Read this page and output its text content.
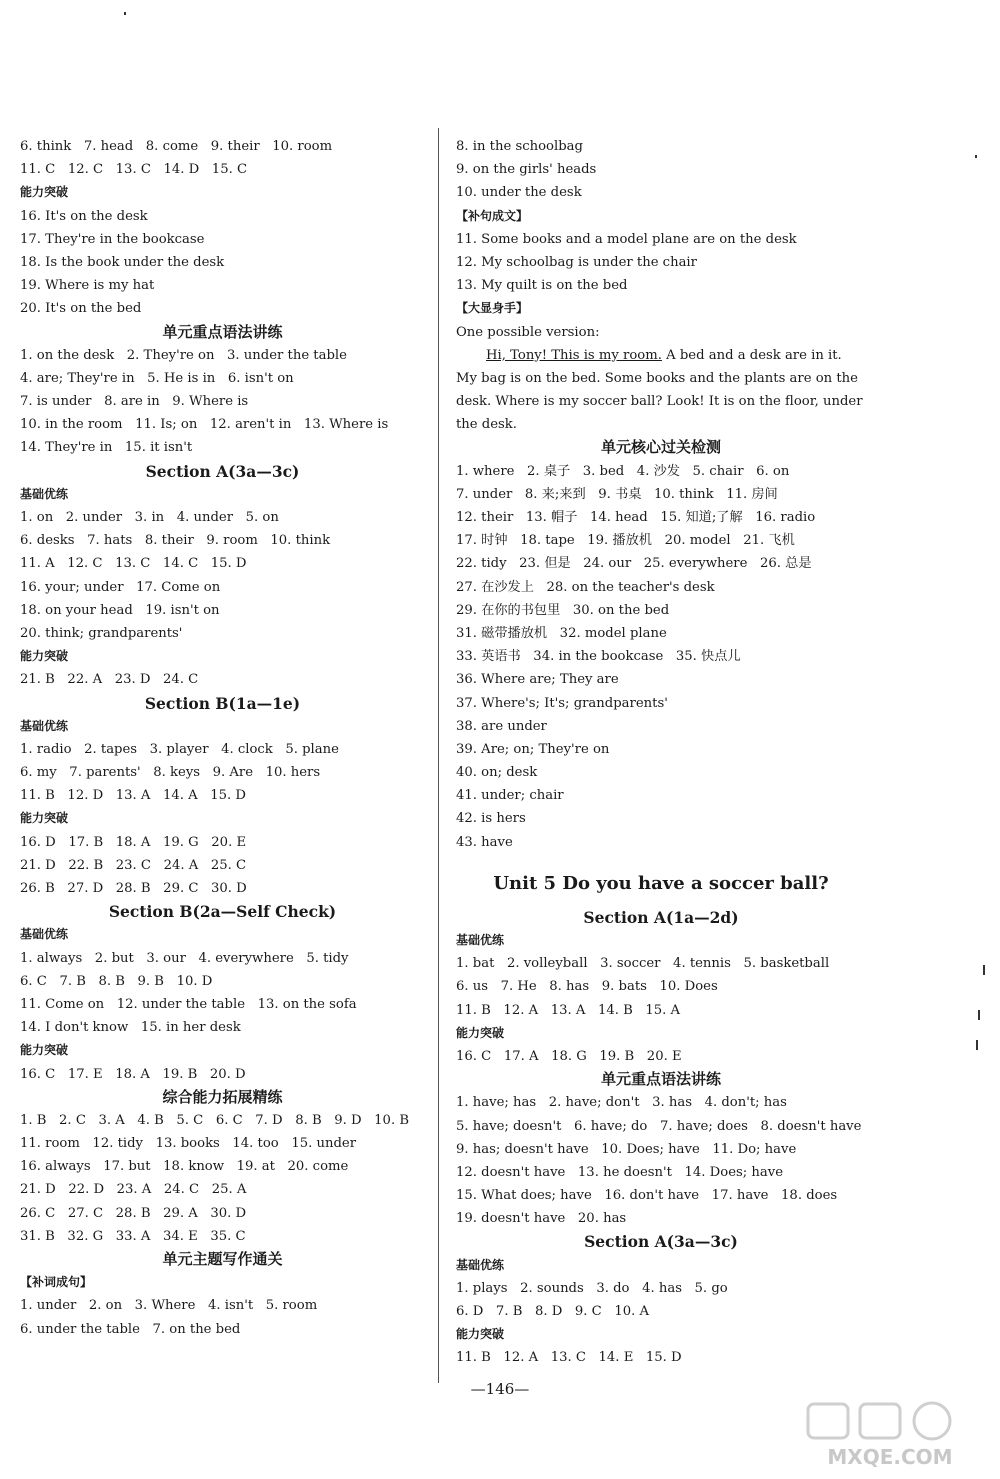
6. think   7. head   8. come   9. their   10. room
11. C   12. C   13. C   14. D   15. C
能力突破
16. It's on the desk
17. They're in the bookcase
18. Is the book under the desk
19. Where is my hat
20. It's on the bed
单元重点语法讲练
1. on the desk   2. They're on   3. under the table
4. are; They're in   5. He is in   6. isn't on
7. is under   8. are in   9. Where is
10. in the room   11. Is; on   12. aren't in   13. Where is
14. They're in   15. it isn't
Section A(3a—3c)
基础优练
1. on   2. under   3. in   4. under   5. on
6. desks   7. hats   8. their   9. room   10. think
11. A   12. C   13. C   14. C   15. D
16. your; under   17. Come on
18. on your head   19. isn't on
20. think; grandparents'
能力突破
21. B   22. A   23. D   24. C
Section B(1a—1e)
基础优练
1. radio   2. tapes   3. player   4. clock   5. plane
6. my   7. parents'   8. keys   9. Are   10. hers
11. B   12. D   13. A   14. A   15. D
能力突破
16. D   17. B   18. A   19. G   20. E
21. D   22. B   23. C   24. A   25. C
26. B   27. D   28. B   29. C   30. D
Section B(2a—Self Check)
基础优练
1. always   2. but   3. our   4. everywhere   5. tidy
6. C   7. B   8. B   9. B   10. D
11. Come on   12. under the table   13. on the sofa
14. I don't know   15. in her desk
能力突破
16. C   17. E   18. A   19. B   20. D
综合能力拓展精练
1. B   2. C   3. A   4. B   5. C   6. C   7. D   8. B   9. D   10. B
11. room   12. tidy   13. books   14. too   15. under
16. always   17. but   18. know   19. at   20. come
21. D   22. D   23. A   24. C   25. A
26. C   27. C   28. B   29. A   30. D
31. B   32. G   33. A   34. E   35. C
单元主题写作通关
【补词成句】
1. under   2. on   3. Where   4. isn't   5. room
6. under the table   7. on the bed
8. in the schoolbag
9. on the girls' heads
10. under the desk
【补句成文】
11. Some books and a model plane are on the desk
12. My schoolbag is under the chair
13. My quilt is on the bed
【大显身手】
One possible version:
Hi, Tony! This is my room. A bed and a desk are in it.
My bag is on the bed. Some books and the plants are on the
desk. Where is my soccer ball? Look! It is on the floor, under
the desk.
单元核心过关检测
1. where   2. 桌子   3. bed   4. 沙发   5. chair   6. on
7. under   8. 来;来到   9. 书桌   10. think   11. 房间
12. their   13. 帽子   14. head   15. 知道;了解   16. radio
17. 时钟   18. tape   19. 播放机   20. model   21. 飞机
22. tidy   23. 但是   24. our   25. everywhere   26. 总是
27. 在沙发上   28. on the teacher's desk
29. 在你的书包里   30. on the bed
31. 磁带播放机   32. model plane
33. 英语书   34. in the bookcase   35. 快点儿
36. Where are; They are
37. Where's; It's; grandparents'
38. are under
39. Are; on; They're on
40. on; desk
41. under; chair
42. is hers
43. have
Unit 5 Do you have a soccer ball?
Section A(1a—2d)
基础优练
1. bat   2. volleyball   3. soccer   4. tennis   5. basketball
6. us   7. He   8. has   9. bats   10. Does
11. B   12. A   13. A   14. B   15. A
能力突破
16. C   17. A   18. G   19. B   20. E
单元重点语法讲练
1. have; has   2. have; don't   3. has   4. don't; has
5. have; doesn't   6. have; do   7. have; does   8. doesn't have
9. has; doesn't have   10. Does; have   11. Do; have
12. doesn't have   13. he doesn't   14. Does; have
15. What does; have   16. don't have   17. have   18. does
19. doesn't have   20. has
Section A(3a—3c)
基础优练
1. plays   2. sounds   3. do   4. has   5. go
6. D   7. B   8. D   9. C   10. A
能力突破
11. B   12. A   13. C   14. E   15. D
—146—
MXQE.COM
